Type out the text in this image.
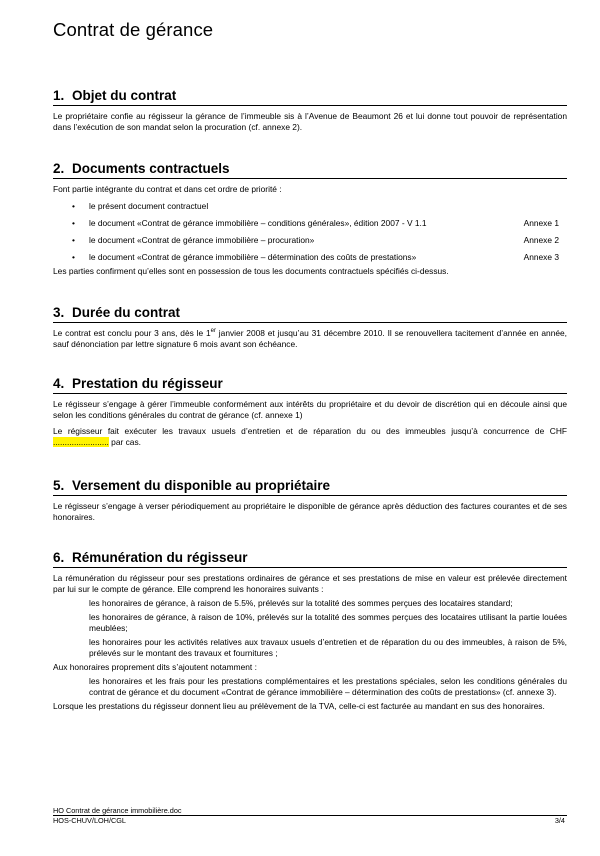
Contrat de gérance
1. Objet du contrat

Le propriétaire confie au régisseur la gérance de l’immeuble sis à l’Avenue de Beaumont 26 et lui donne tout pouvoir de représentation dans l’exécution de son mandat selon la procuration (cf. annexe 2).

2. Documents contractuels

Font partie intégrante du contrat et dans cet ordre de priorité :

• le présent document contractuel
• le document «Contrat de gérance immobilière – conditions générales», édition 2007 - V 1.1	Annexe 1
• le document «Contrat de gérance immobilière – procuration»	Annexe 2
• le document «Contrat de gérance immobilière – détermination des coûts de prestations»	Annexe 3

Les parties confirment qu’elles sont en possession de tous les documents contractuels spécifiés ci-dessus.

3. Durée du contrat

Le contrat est conclu pour 3 ans, dès le 1er janvier 2008 et jusqu’au 31 décembre 2010. Il se renouvellera tacitement d’année en année, sauf dénonciation par lettre signature 6 mois avant son échéance.

4. Prestation du régisseur

Le régisseur s’engage à gérer l’immeuble conformément aux intérêts du propriétaire et du devoir de discrétion qui en découle ainsi que selon les conditions générales du contrat de gérance (cf. annexe 1)

Le régisseur fait exécuter les travaux usuels d’entretien et de réparation du ou des immeubles jusqu’à concurrence de CHF ........................ par cas.

5. Versement du disponible au propriétaire

Le régisseur s’engage à verser périodiquement au propriétaire le disponible de gérance après déduction des factures courantes et de ses honoraires.

6. Rémunération du régisseur

La rémunération du régisseur pour ses prestations ordinaires de gérance et ses prestations de mise en valeur est prélevée directement par lui sur le compte de gérance. Elle comprend les honoraires suivants :

les honoraires de gérance, à raison de 5.5%, prélevés sur la totalité des sommes perçues des locataires standard;

les honoraires de gérance, à raison de 10%, prélevés sur la totalité des sommes perçues des locataires utilisant la partie louées meublées;

les honoraires pour les activités relatives aux travaux usuels d’entretien et de réparation du ou des immeubles, à raison de 5%, prélevés sur le montant des travaux et fournitures ;

Aux honoraires proprement dits s’ajoutent notamment :

les honoraires et les frais pour les prestations complémentaires et les prestations spéciales, selon les conditions générales du contrat de gérance et du document «Contrat de gérance immobilière – détermination des coûts de prestations» (cf. annexe 3).

Lorsque les prestations du régisseur donnent lieu au prélèvement de la TVA, celle-ci est facturée au mandant en sus des honoraires.

HO Contrat de gérance immobilière.doc
HOS-CHUV/LOH/CGL	3/4
